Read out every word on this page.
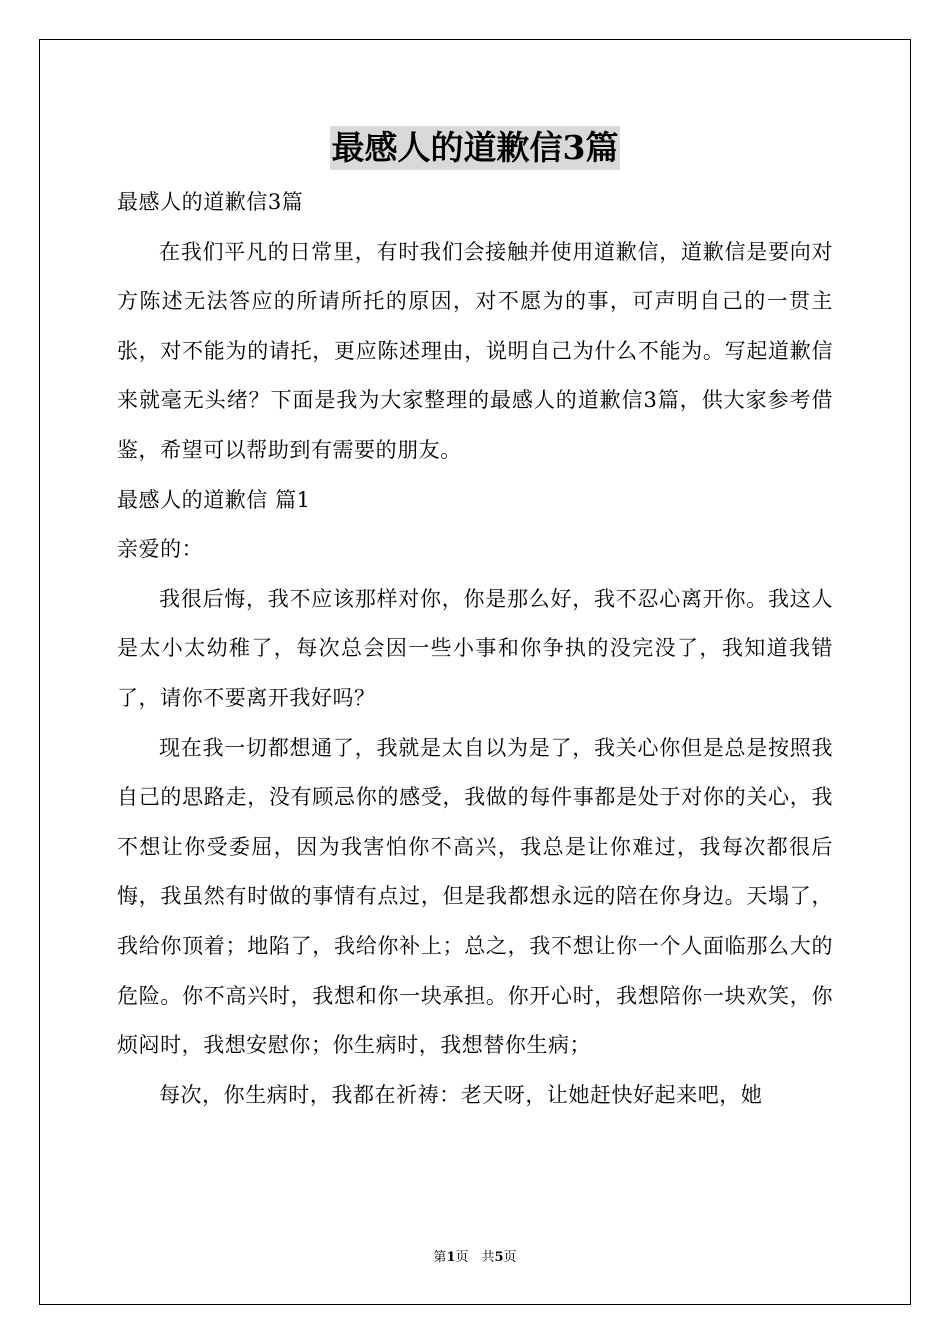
最感人的道歉信3篇

最感人的道歉信3篇

在我们平凡的日常里，有时我们会接触并使用道歉信，道歉信是要向对方陈述无法答应的所请所托的原因，对不愿为的事，可声明自己的一贯主张，对不能为的请托，更应陈述理由，说明自己为什么不能为。写起道歉信来就毫无头绪？下面是我为大家整理的最感人的道歉信3篇，供大家参考借鉴，希望可以帮助到有需要的朋友。

最感人的道歉信 篇1

亲爱的：

我很后悔，我不应该那样对你，你是那么好，我不忍心离开你。我这人是太小太幼稚了，每次总会因一些小事和你争执的没完没了，我知道我错了，请你不要离开我好吗？

现在我一切都想通了，我就是太自以为是了，我关心你但是总是按照我自己的思路走，没有顾忌你的感受，我做的每件事都是处于对你的关心，我不想让你受委屈，因为我害怕你不高兴，我总是让你难过，我每次都很后悔，我虽然有时做的事情有点过，但是我都想永远的陪在你身边。天塌了，我给你顶着；地陷了，我给你补上；总之，我不想让你一个人面临那么大的危险。你不高兴时，我想和你一块承担。你开心时，我想陪你一块欢笑，你烦闷时，我想安慰你；你生病时，我想替你生病；

每次，你生病时，我都在祈祷：老天呀，让她赶快好起来吧，她

第1页　共5页
